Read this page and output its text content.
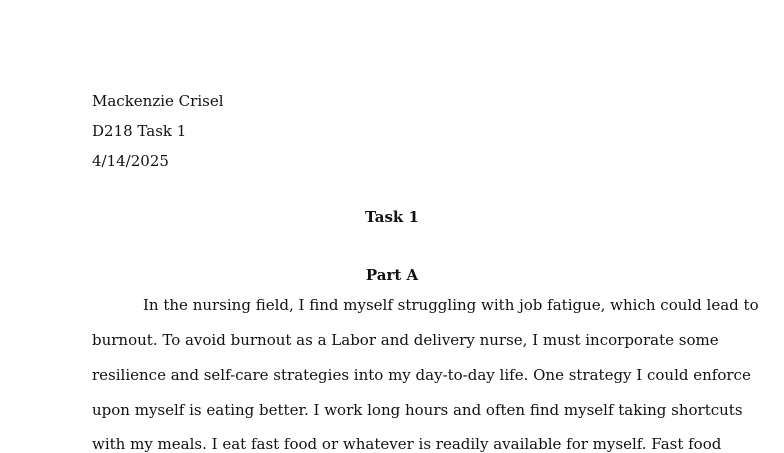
Mackenzie Crisel
D218 Task 1
4/14/2025
Task 1
Part A
In the nursing field, I find myself struggling with job fatigue, which could lead to
burnout. To avoid burnout as a Labor and delivery nurse, I must incorporate some
resilience and self-care strategies into my day-to-day life. One strategy I could enforce
upon myself is eating better. I work long hours and often find myself taking shortcuts
with my meals. I eat fast food or whatever is readily available for myself. Fast food
